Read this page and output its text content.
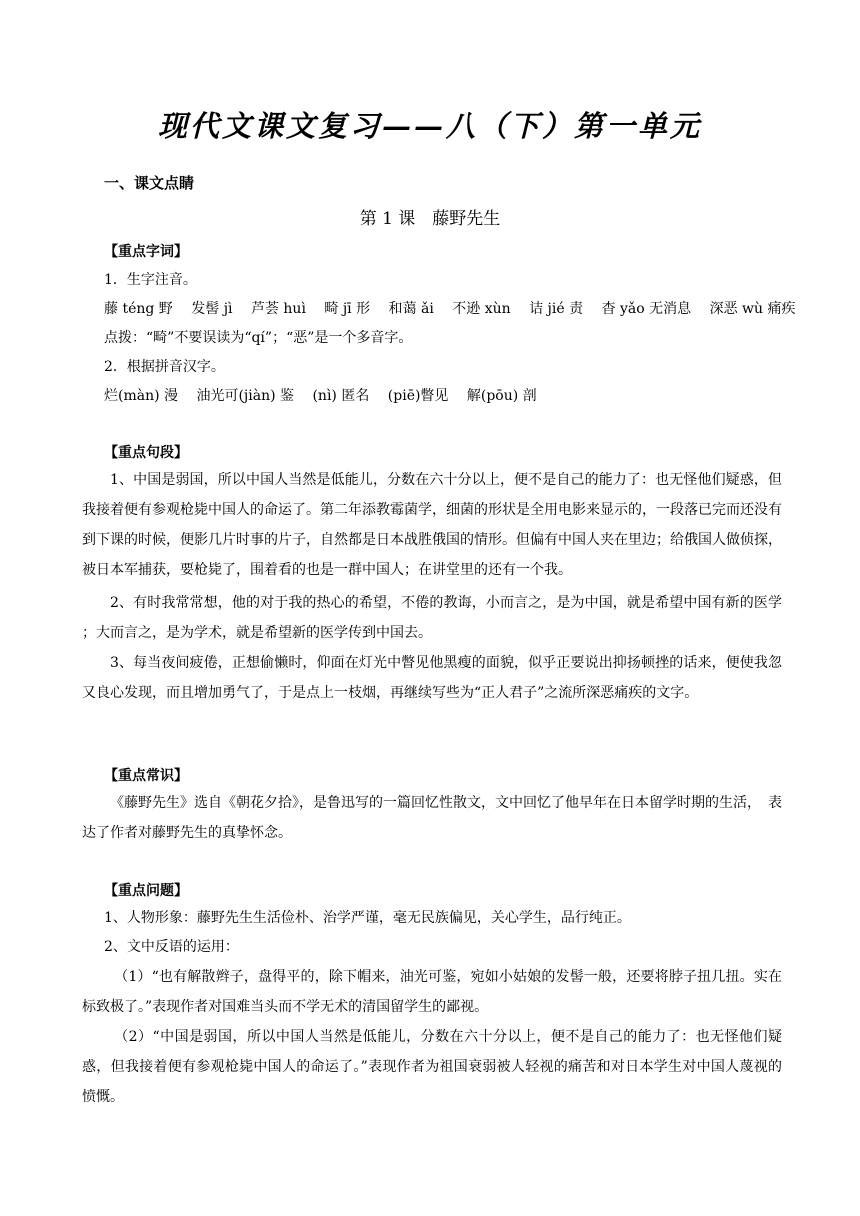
现代文课文复习——八（下）第一单元
一、课文点睛
第 1 课　藤野先生
【重点字词】
1．生字注音。
藤 téng 野　 发髻 jì　 芦荟 huì　 畸 jī 形　 和蔼 ǎi　 不逊 xùn　 诘 jié 责　 杳 yǎo 无消息　 深恶 wù 痛疾
点拨：“畸”不要误读为“qí”；“恶”是一个多音字。
2．根据拼音汉字。
烂(màn) 漫　 油光可(jiàn) 鉴　 (nì) 匿名　 (piē)瞥见　 解(pōu) 剖
【重点句段】
1、中国是弱国，所以中国人当然是低能儿，分数在六十分以上，便不是自己的能力了：也无怪他们疑惑，但我接着便有参观枪毙中国人的命运了。第二年添教霉菌学，细菌的形状是全用电影来显示的，一段落已完而还没有到下课的时候，便影几片时事的片子，自然都是日本战胜俄国的情形。但偏有中国人夹在里边；给俄国人做侦探，被日本军捕获，要枪毙了，围着看的也是一群中国人；在讲堂里的还有一个我。
2、有时我常常想，他的对于我的热心的希望，不倦的教诲，小而言之，是为中国，就是希望中国有新的医学 ；大而言之，是为学术，就是希望新的医学传到中国去。
3、每当夜间疲倦，正想偷懒时，仰面在灯光中瞥见他黑瘦的面貌，似乎正要说出抑扬顿挫的话来，便使我忽又良心发现，而且增加勇气了，于是点上一枝烟，再继续写些为“正人君子”之流所深恶痛疾的文字。
【重点常识】
《藤野先生》选自《朝花夕拾》，是鲁迅写的一篇回忆性散文，文中回忆了他早年在日本留学时期的生活，　表达了作者对藤野先生的真挚怀念。
【重点问题】
1、人物形象：藤野先生生活俭朴、治学严谨，毫无民族偏见，关心学生，品行纯正。
2、文中反语的运用：
（1）“也有解散辫子，盘得平的，除下帽来，油光可鉴，宛如小姑娘的发髻一般，还要将脖子扭几扭。实在标致极了。”表现作者对国难当头而不学无术的清国留学生的鄙视。
（2）“中国是弱国，所以中国人当然是低能儿，分数在六十分以上，便不是自己的能力了：也无怪他们疑惑，但我接着便有参观枪毙中国人的命运了。”表现作者为祖国衰弱被人轻视的痛苦和对日本学生对中国人蔑视的愤慨。
